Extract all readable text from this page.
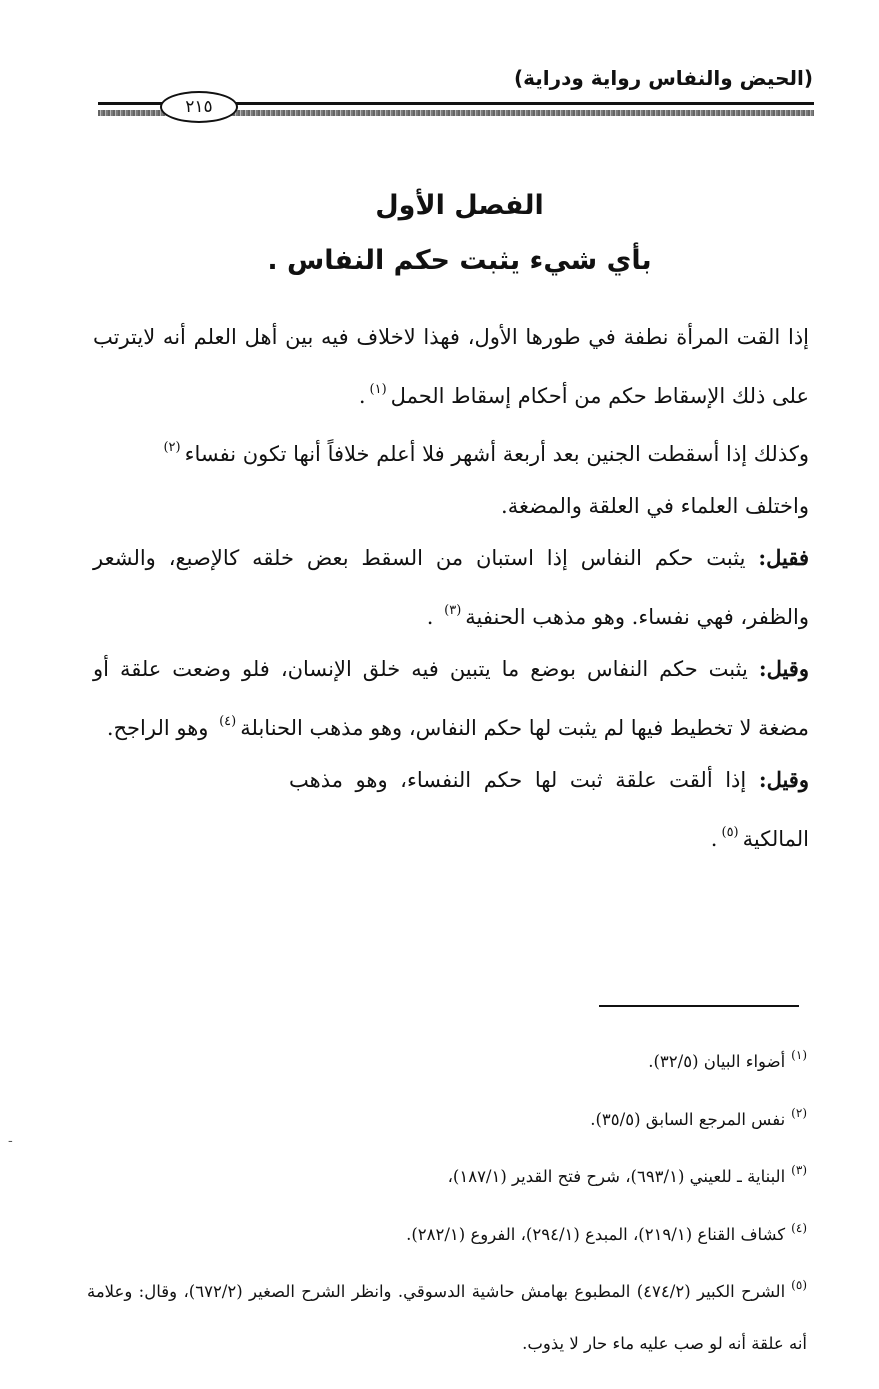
(الحيض والنفاس رواية ودراية)
٢١٥
الفصل الأول
بأي شيء يثبت حكم النفاس .

إذا القت المرأة نطفة في طورها الأول، فهذا لاخلاف فيه بين أهل العلم أنه لايترتب على ذلك الإسقاط حكم من أحكام إسقاط الحمل$^{(١)}$.

وكذلك إذا أسقطت الجنين بعد أربعة أشهر فلا أعلم خلافاً أنها تكون نفساء$^{(٢)}$

واختلف العلماء في العلقة والمضغة.

فقيل: يثبت حكم النفاس إذا استبان من السقط بعض خلقه كالإصبع، والشعر والظفر، فهي نفساء. وهو مذهب الحنفية$^{(٣)}$ .

وقيل: يثبت حكم النفاس بوضع ما يتبين فيه خلق الإنسان، فلو وضعت علقة أو مضغة لا تخطيط فيها لم يثبت لها حكم النفاس، وهو مذهب الحنابلة$^{(٤)}$ وهو الراجح.

وقيل: إذا ألقت علقة ثبت لها حكم النفساء، وهو مذهب المالكية$^{(٥)}$.

$^{(١)}$أضواء البيان (٣٢/٥).

$^{(٢)}$نفس المرجع السابق (٣٥/٥).

$^{(٣)}$البناية ـ للعيني (٦٩٣/١)، شرح فتح القدير (١٨٧/١)،

$^{(٤)}$كشاف القناع (٢١٩/١)، المبدع (٢٩٤/١)، الفروع (٢٨٢/١).

$^{(٥)}$الشرح الكبير (٤٧٤/٢) المطبوع بهامش حاشية الدسوقي. وانظر الشرح الصغير (٦٧٢/٢)، وقال: وعلامة أنه علقة أنه لو صب عليه ماء حار لا يذوب.

-
